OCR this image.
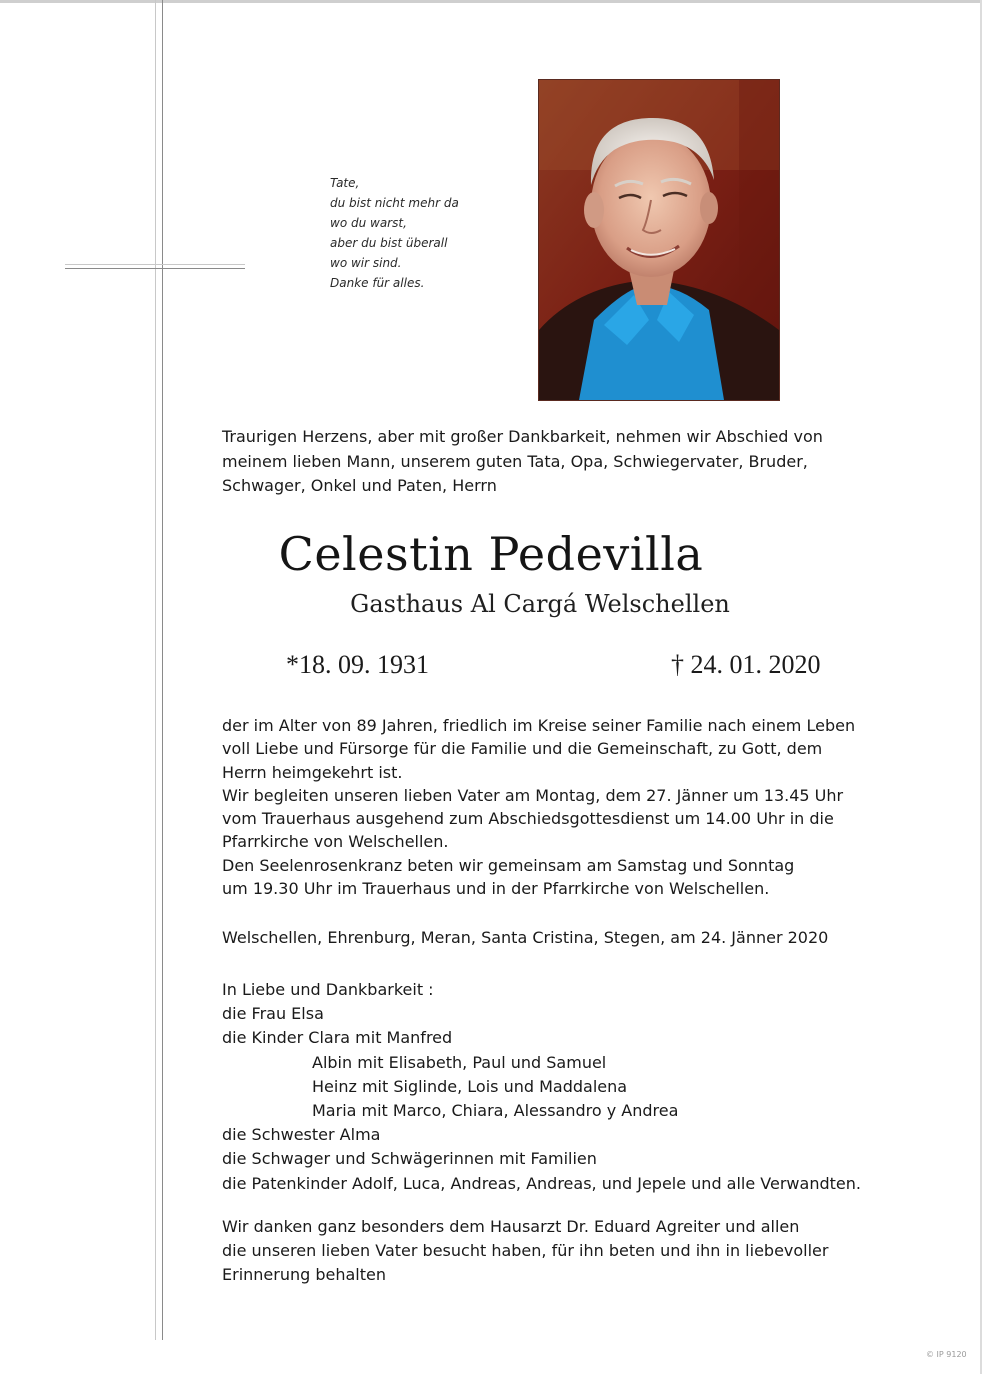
Tate,
du bist nicht mehr da
wo du warst,
aber du bist überall
wo wir sind.
Danke für alles.
Traurigen Herzens, aber mit großer Dankbarkeit, nehmen wir Abschied von
meinem lieben Mann, unserem guten Tata, Opa, Schwiegervater, Bruder,
Schwager, Onkel und Paten, Herrn
Celestin Pedevilla
Gasthaus Al Cargá Welschellen
*18. 09. 1931	† 24. 01. 2020
der im Alter von 89 Jahren, friedlich im Kreise seiner Familie nach einem Leben
voll Liebe und Fürsorge für die Familie und die Gemeinschaft, zu Gott, dem
Herrn heimgekehrt ist.
Wir begleiten unseren lieben Vater am Montag, dem 27. Jänner um 13.45 Uhr
vom Trauerhaus ausgehend zum Abschiedsgottesdienst um 14.00 Uhr in die
Pfarrkirche von Welschellen.
Den Seelenrosenkranz beten wir gemeinsam am Samstag und Sonntag
um 19.30 Uhr im Trauerhaus und in der Pfarrkirche von Welschellen.
Welschellen, Ehrenburg, Meran, Santa Cristina, Stegen, am 24. Jänner 2020
In Liebe und Dankbarkeit :
die Frau Elsa
die Kinder Clara mit Manfred
Albin mit Elisabeth, Paul und Samuel
Heinz mit Siglinde, Lois und Maddalena
Maria mit Marco, Chiara, Alessandro y Andrea
die Schwester Alma
die Schwager und Schwägerinnen mit Familien
die Patenkinder Adolf, Luca, Andreas, Andreas, und Jepele und alle Verwandten.
Wir danken ganz besonders dem Hausarzt Dr. Eduard Agreiter und allen
die unseren lieben Vater besucht haben, für ihn beten und ihn in liebevoller
Erinnerung behalten
© IP 9120
